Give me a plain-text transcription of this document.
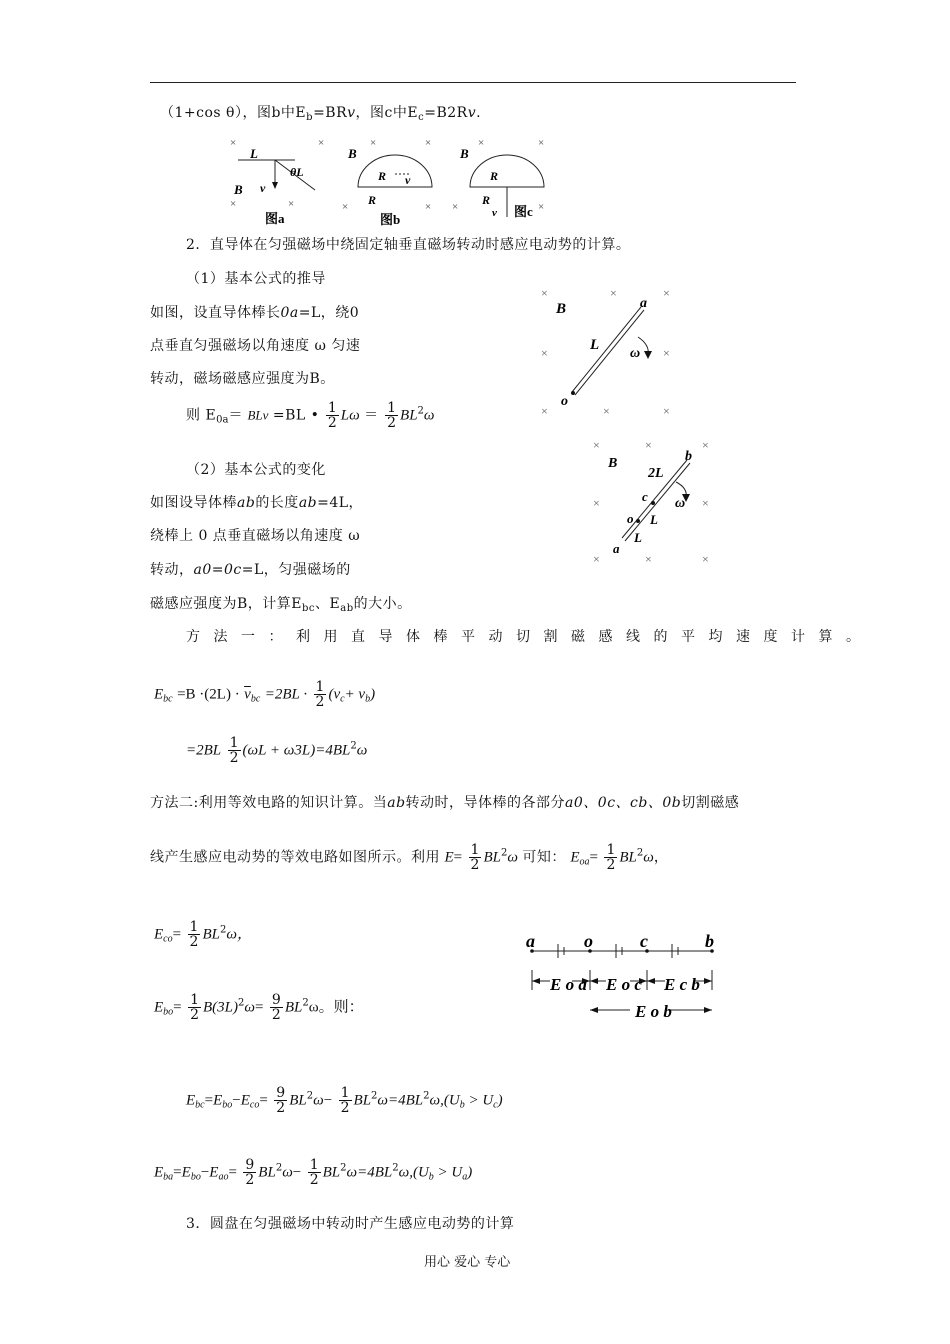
（1+cos θ），图b中$E_b=BRv$，图c中$E_c=B2Rv$.
×
×	×
×
×
×
× ×
×
×
×	×
L
θL
v
B
图a
B
R v
R
图b
B
R
R
v 图c
2．直导体在匀强磁场中绕固定轴垂直磁场转动时感应电动势的计算。
（1）基本公式的推导
如图，设直导体棒长0a=L，绕0
点垂直匀强磁场以角速度 ω 匀速
转动，磁场磁感应强度为B。
则 $E_{0a}=$ BLv =BL • $\frac{1}{2}$ $L\omega = \frac{1}{2} BL^2\omega$
×	×	×
×	×
×	×	×
B	a
L
ω
o
（2）基本公式的变化
如图设导体棒ab的长度ab=4L，
绕棒上 0 点垂直磁场以角速度 ω
转动，a0=0c=L，匀强磁场的
磁感应强度为B，计算$E_{bc}$、$E_{ab}$的大小。
×	×	×
×	×
×	×	×
B	b
2L
c ω
o L
L
a
方法一：利用直导体棒平动切割磁感线的平均速度计算。
$E_{bc} =B \cdot(2L) \cdot \overline{v}_{bc} =2BL \cdot \frac{1}{2} (v_c+ v_b)$
$=2BL \frac{1}{2} (\omega L + \omega 3L)=4BL^2\omega$
方法二:利用等效电路的知识计算。当ab转动时，导体棒的各部分a0、0c、cb、0b切割磁感
线产生感应电动势的等效电路如图所示。利用 $E= \frac{1}{2} BL^2\omega$ 可知： $E_{oa}= \frac{1}{2} BL^2\omega$，
$E_{co}= \frac{1}{2} BL^2\omega$，
$E_{bo}= \frac{1}{2} B(3L)^2\omega= \frac{9}{2} BL^2\omega$。则：
a	o	c	b
E o a E o c E c b
E o b
$E_{bc}=E_{bo}-E_{co}= \frac{9}{2} BL^2\omega- \frac{1}{2} BL^2\omega=4BL^2\omega,(U_b > U_c)$
$E_{ba}=E_{bo}-E_{ao}= \frac{9}{2} BL^2\omega- \frac{1}{2} BL^2\omega=4BL^2\omega,(U_b > U_a)$
3．圆盘在匀强磁场中转动时产生感应电动势的计算
用心 爱心 专心
